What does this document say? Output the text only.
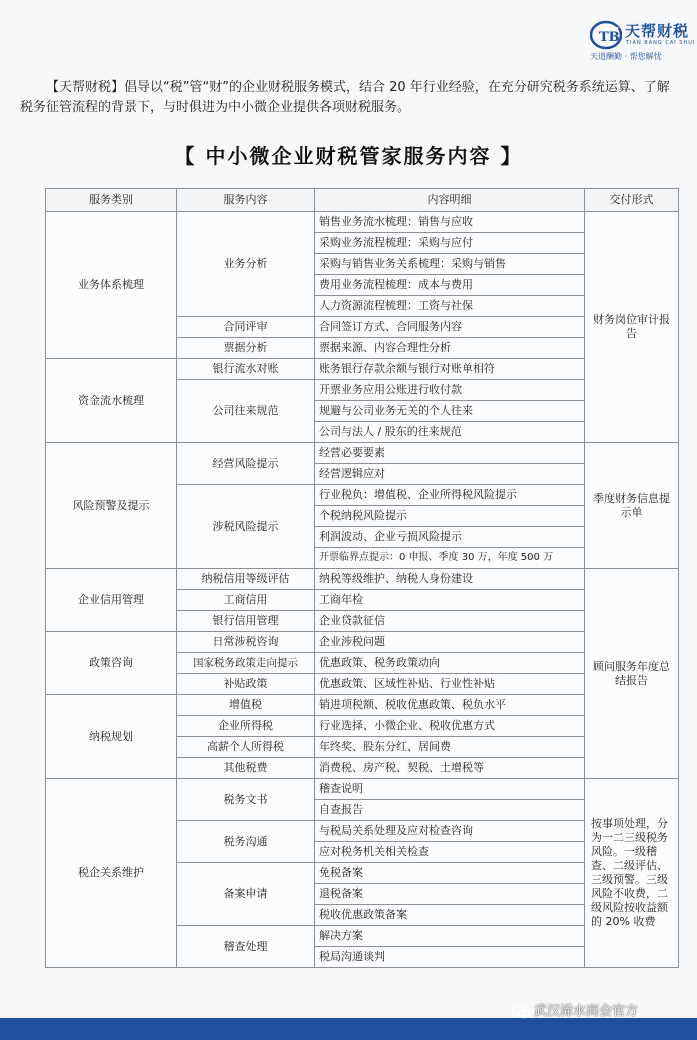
TB 天帮财税
TIAN BANG CAI SHUI
天道酬勤 · 帮您解忧
【天帮财税】倡导以“税”管“财”的企业财税服务模式，结合 20 年行业经验，在充分研究税务系统运算、了解税务征管流程的背景下，与时俱进为中小微企业提供各项财税服务。
【 中小微企业财税管家服务内容 】
服务类别	服务内容	内容明细	交付形式
业务体系梳理	业务分析	销售业务流水梳理：销售与应收	财务岗位审计报告
		采购业务流程梳理：采购与应付	
		采购与销售业务关系梳理：采购与销售	
		费用业务流程梳理：成本与费用	
		人力资源流程梳理：工资与社保	
	合同评审	合同签订方式、合同服务内容	
	票据分析	票据来源、内容合理性分析	
资金流水梳理	银行流水对账	账务银行存款余额与银行对账单相符	
	公司往来规范	开票业务应用公账进行收付款	
		规避与公司业务无关的个人往来	
		公司与法人 / 股东的往来规范	
风险预警及提示	经营风险提示	经营必要要素	季度财务信息提示单
		经营逻辑应对	
	涉税风险提示	行业税负：增值税、企业所得税风险提示	
		个税纳税风险提示	
		利润波动、企业亏损风险提示	
		开票临界点提示：0 申报、季度 30 万，年度 500 万	
企业信用管理	纳税信用等级评估	纳税等级维护、纳税人身份建设	顾问服务年度总结报告
	工商信用	工商年检	
	银行信用管理	企业贷款征信	
政策咨询	日常涉税咨询	企业涉税问题	
	国家税务政策走向提示	优惠政策、税务政策动向	
	补贴政策	优惠政策、区域性补贴、行业性补贴	
纳税规划	增值税	销进项税额、税收优惠政策、税负水平	
	企业所得税	行业选择、小微企业、税收优惠方式	
	高薪个人所得税	年终奖、股东分红、居间费	
	其他税费	消费税、房产税、契税、土增税等	
税企关系维护	税务文书	稽查说明	按事项处理，分为一二三级税务风险。一级稽查、二级评估、三级预警。三级风险不收费，二级风险按收益额的 20% 收费
		自查报告	
	税务沟通	与税局关系处理及应对检查咨询	
		应对税务机关相关检查	
	备案申请	免税备案	
		退税备案	
		税收优惠政策备案	
	稽查处理	解决方案	
		税局沟通谈判	
武汉浠水商会官方
